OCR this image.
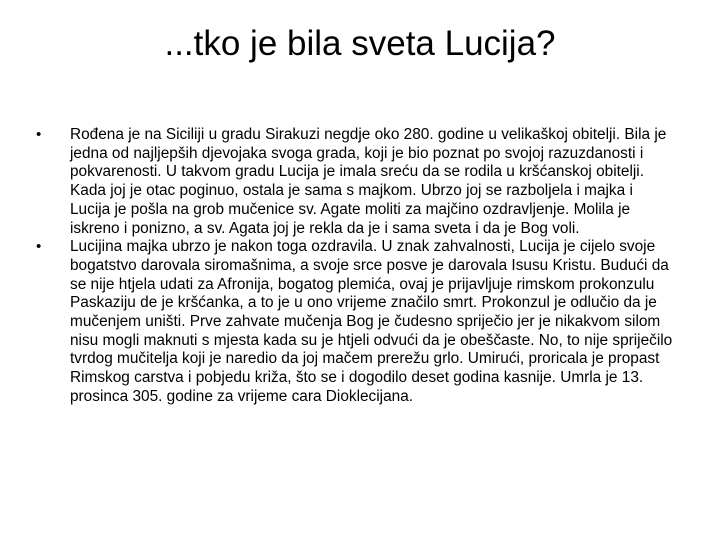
...tko je bila sveta Lucija?
• Rođena je na Siciliji u gradu Sirakuzi negdje oko 280. godine u velikaškoj obitelji. Bila je jedna od najljepših djevojaka svoga grada, koji je bio poznat po svojoj razuzdanosti i pokvarenosti. U takvom gradu Lucija je imala sreću da se rodila u kršćanskoj obitelji. Kada joj je otac poginuo, ostala je sama s majkom. Ubrzo joj se razboljela i majka i Lucija je pošla na grob mučenice sv. Agate moliti za majčino ozdravljenje. Molila je iskreno i ponizno, a sv. Agata joj je rekla da je i sama sveta i da je Bog voli.
• Lucijina majka ubrzo je nakon toga ozdravila. U znak zahvalnosti, Lucija je cijelo svoje bogatstvo darovala siromašnima, a svoje srce posve je darovala Isusu Kristu. Budući da se nije htjela udati za Afronija, bogatog plemića, ovaj je prijavljuje rimskom prokonzulu Paskaziju de je kršćanka, a to je u ono vrijeme značilo smrt. Prokonzul je odlučio da je mučenjem uništi. Prve zahvate mučenja Bog je čudesno spriječio jer je nikakvom silom nisu mogli maknuti s mjesta kada su je htjeli odvući da je obeščaste. No, to nije spriječilo tvrdog mučitelja koji je naredio da joj mačem prerežu grlo. Umirući, proricala je propast Rimskog carstva i pobjedu križa, što se i dogodilo deset godina kasnije. Umrla je 13. prosinca 305. godine za vrijeme cara Dioklecijana.
